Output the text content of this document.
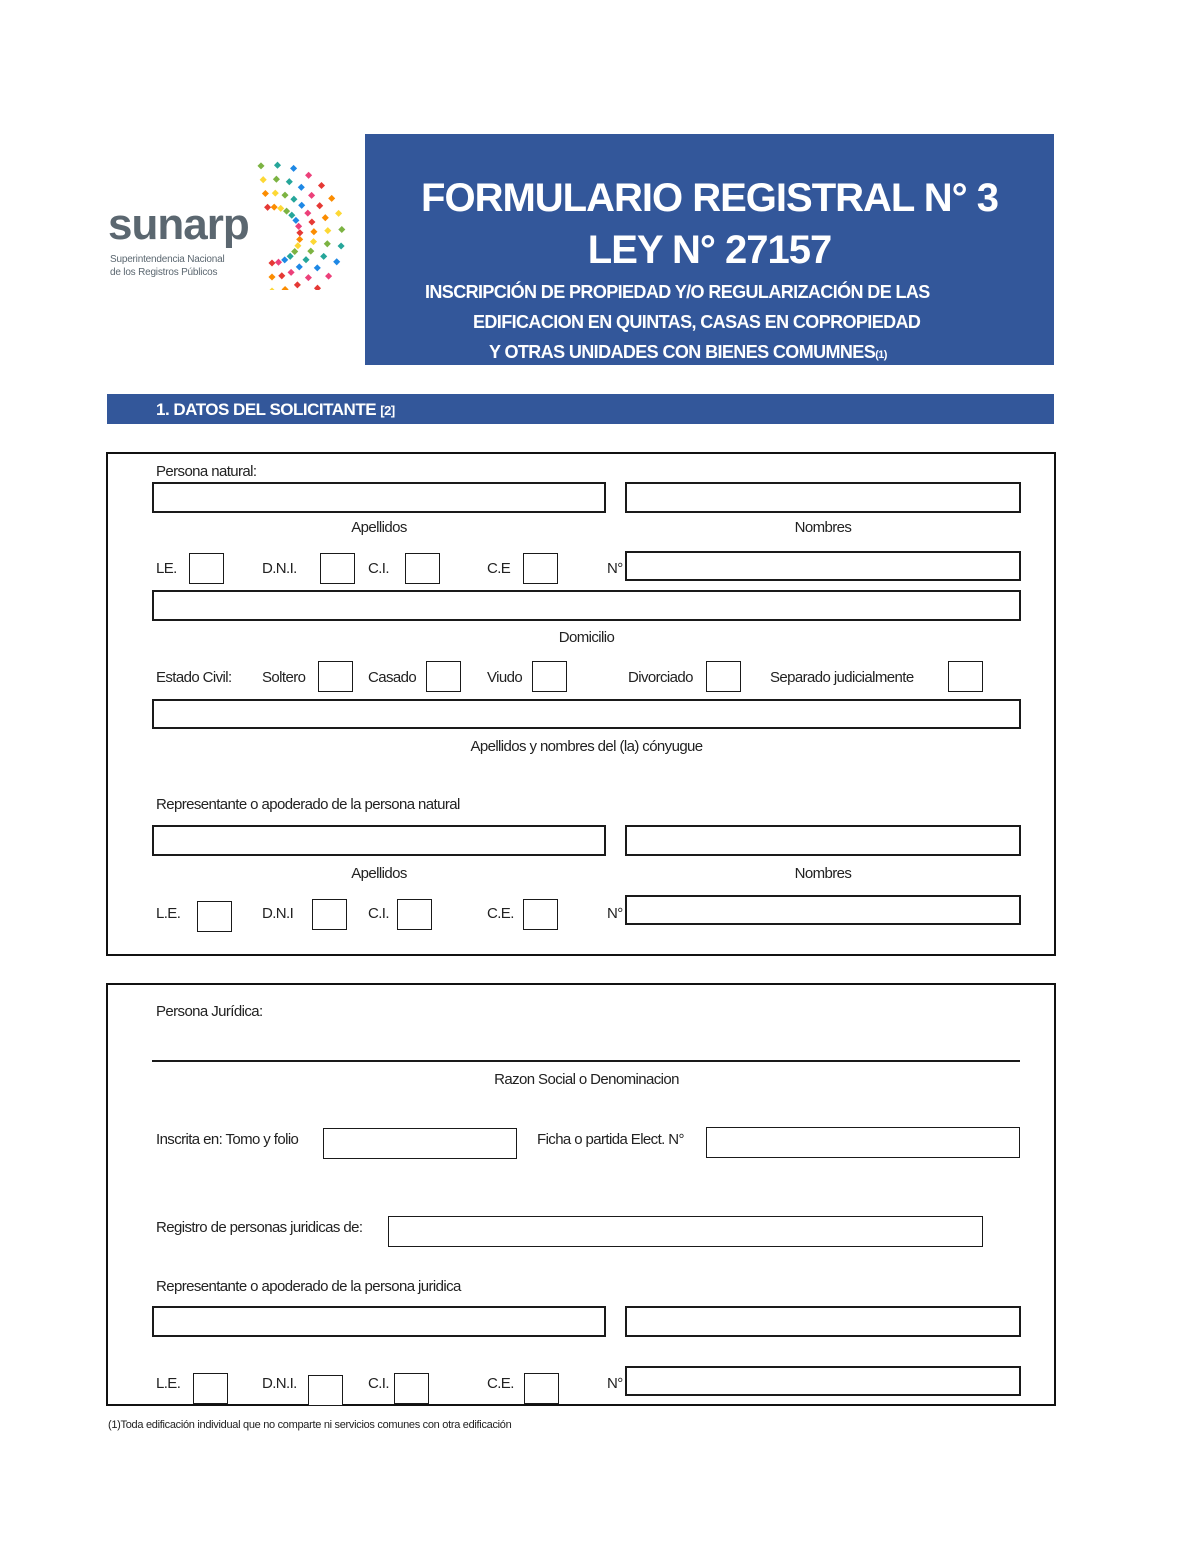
sunarp
Superintendencia Nacional
de los Registros Públicos
FORMULARIO REGISTRAL N° 3
LEY N° 27157
INSCRIPCIÓN DE PROPIEDAD Y/O REGULARIZACIÓN DE LAS
EDIFICACION EN QUINTAS, CASAS EN COPROPIEDAD
Y OTRAS UNIDADES CON BIENES COMUMNES(1)
1. DATOS DEL SOLICITANTE [2]
Persona natural:
Apellidos	Nombres
LE.	D.N.I.	C.I.	C.E	N°
Domicilio
Estado Civil: Soltero	Casado	Viudo	Divorciado	Separado judicialmente
Apellidos y nombres del (la) cónyugue
Representante o apoderado de la persona natural
Apellidos	Nombres
L.E.	D.N.I	C.I.	C.E.	N°
Persona Jurídica:
Razon Social o Denominacion
Inscrita en: Tomo y folio	Ficha o partida Elect. N°
Registro de personas juridicas de:
Representante o apoderado de la persona juridica
L.E.	D.N.I.	C.I.	C.E.	N°
(1)Toda edificación individual que no comparte ni servicios comunes con otra edificación
